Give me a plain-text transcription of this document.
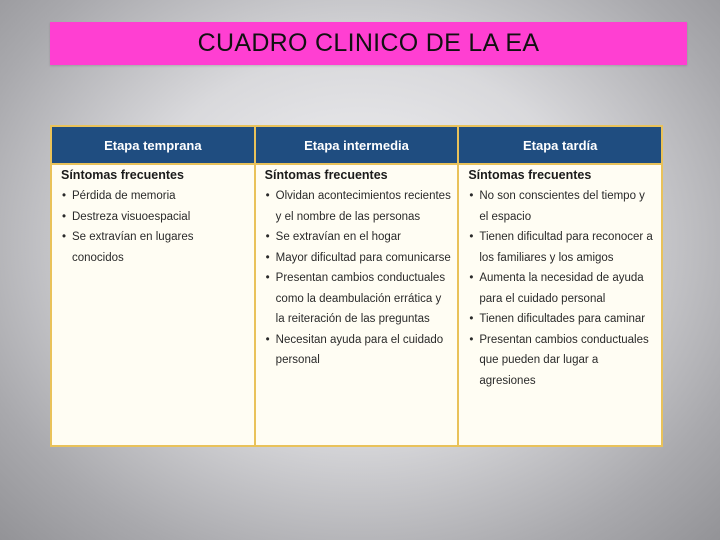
CUADRO CLINICO DE LA EA
Etapa temprana
Síntomas frecuentes
• Pérdida de memoria
• Destreza visuoespacial
• Se extravían en lugares conocidos
Etapa intermedia
Síntomas frecuentes
• Olvidan acontecimientos recientes y el nombre de las personas
• Se extravían en el hogar
• Mayor dificultad para comunicarse
• Presentan cambios conductuales como la deambulación errática y la reiteración de las preguntas
• Necesitan ayuda para el cuidado personal
Etapa tardía
Síntomas frecuentes
• No son conscientes del tiempo y el espacio
• Tienen dificultad para reconocer a los familiares y los amigos
• Aumenta la necesidad de ayuda para el cuidado personal
• Tienen dificultades para caminar
• Presentan cambios conductuales que pueden dar lugar a agresiones
